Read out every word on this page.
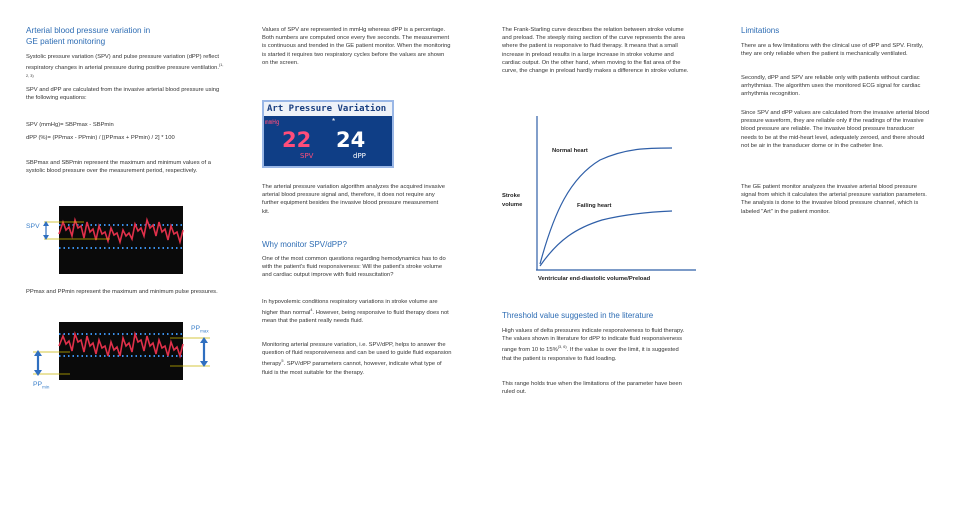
Arterial blood pressure variation in
GE patient monitoring

Systolic pressure variation (SPV) and pulse pressure variation (dPP) reflect respiratory changes in arterial pressure during positive pressure ventilation.$^{(1, 2, 3)}$

SPV and dPP are calculated from the invasive arterial blood pressure using the following equations:

SPV (mmHg)= SBPmax - SBPmin
dPP (%)= (PPmax - PPmin) / [(PPmax + PPmin) / 2] * 100

SBPmax and SBPmin represent the maximum and minimum values of a systolic blood pressure over the measurement period, respectively.

SPV

PPmax and PPmin represent the maximum and minimum pulse pressures.

$PP_{max}$
$PP_{min}$

Values of SPV are represented in mmHg whereas dPP is a percentage. Both numbers are computed once every five seconds. The measurement is continuous and trended in the GE patient monitor. When the monitoring is started it requires two respiratory cycles before the values are shown on the screen.

Art Pressure Variation
mmHg	*
22
SPV
24
dPP

The arterial pressure variation algorithm analyzes the acquired invasive arterial blood pressure signal and, therefore, it does not require any further equipment besides the invasive blood pressure measurement kit.

Why monitor SPV/dPP?

One of the most common questions regarding hemodynamics has to do with the patient's fluid responsiveness: Will the patient's stroke volume and cardiac output improve with fluid resuscitation?

In hypovolemic conditions respiratory variations in stroke volume are higher than normal$^4$. However, being responsive to fluid therapy does not mean that the patient really needs fluid.

Monitoring arterial pressure variation, i.e. SPV/dPP, helps to answer the question of fluid responsiveness and can be used to guide fluid expansion therapy$^5$. SPV/dPP parameters cannot, however, indicate what type of fluid is the most suitable for the therapy.

The Frank-Starling curve describes the relation between stroke volume and preload. The steeply rising section of the curve represents the area where the patient is responsive to fluid therapy. It means that a small increase in preload results in a large increase in stroke volume and cardiac output. On the other hand, when moving to the flat area of the curve, the change in preload hardly makes a difference in stroke volume.

Normal heart
Failing heart
Stroke
volume
Ventricular end-diastolic volume/Preload
Threshold value suggested in the literature

High values of delta pressures indicate responsiveness to fluid therapy. The values shown in literature for dPP to indicate fluid responsiveness range from 10 to 15%$^{(3, 6)}$. If the value is over the limit, it is suggested that the patient is responsive to fluid loading.

This range holds true when the limitations of the parameter have been ruled out.

Limitations

There are a few limitations with the clinical use of dPP and SPV. Firstly, they are only reliable when the patient is mechanically ventilated.

Secondly, dPP and SPV are reliable only with patients without cardiac arrhythmias. The algorithm uses the monitored ECG signal for cardiac arrhythmia recognition.

Since SPV and dPP values are calculated from the invasive arterial blood pressure waveform, they are reliable only if the readings of the invasive blood pressure are reliable. The invasive blood pressure transducer needs to be at the mid-heart level, adequately zeroed, and there should not be air in the transducer dome or in the catheter line.

The GE patient monitor analyzes the invasive arterial blood pressure signal from which it calculates the arterial pressure variation parameters. The analysis is done to the invasive blood pressure channel, which is labeled "Art" in the patient monitor.
